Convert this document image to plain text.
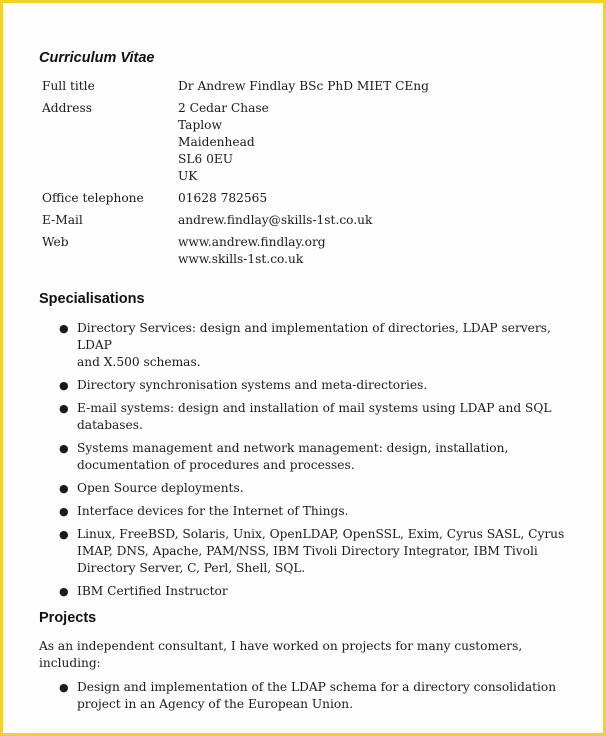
Curriculum Vitae
Full title	Dr Andrew Findlay BSc PhD MIET CEng
Address	2 Cedar Chase
Taplow
Maidenhead
SL6 0EU
UK
Office telephone	01628 782565
E-Mail	andrew.findlay@skills-1st.co.uk
Web	www.andrew.findlay.org
www.skills-1st.co.uk
Specialisations
● Directory Services: design and implementation of directories, LDAP servers, LDAP
and X.500 schemas.
● Directory synchronisation systems and meta-directories.
● E-mail systems: design and installation of mail systems using LDAP and SQL
databases.
● Systems management and network management: design, installation,
documentation of procedures and processes.
● Open Source deployments.
● Interface devices for the Internet of Things.
● Linux, FreeBSD, Solaris, Unix, OpenLDAP, OpenSSL, Exim, Cyrus SASL, Cyrus
IMAP, DNS, Apache, PAM/NSS, IBM Tivoli Directory Integrator, IBM Tivoli
Directory Server, C, Perl, Shell, SQL.
● IBM Certified Instructor
Projects
As an independent consultant, I have worked on projects for many customers, including:
● Design and implementation of the LDAP schema for a directory consolidation
project in an Agency of the European Union.
